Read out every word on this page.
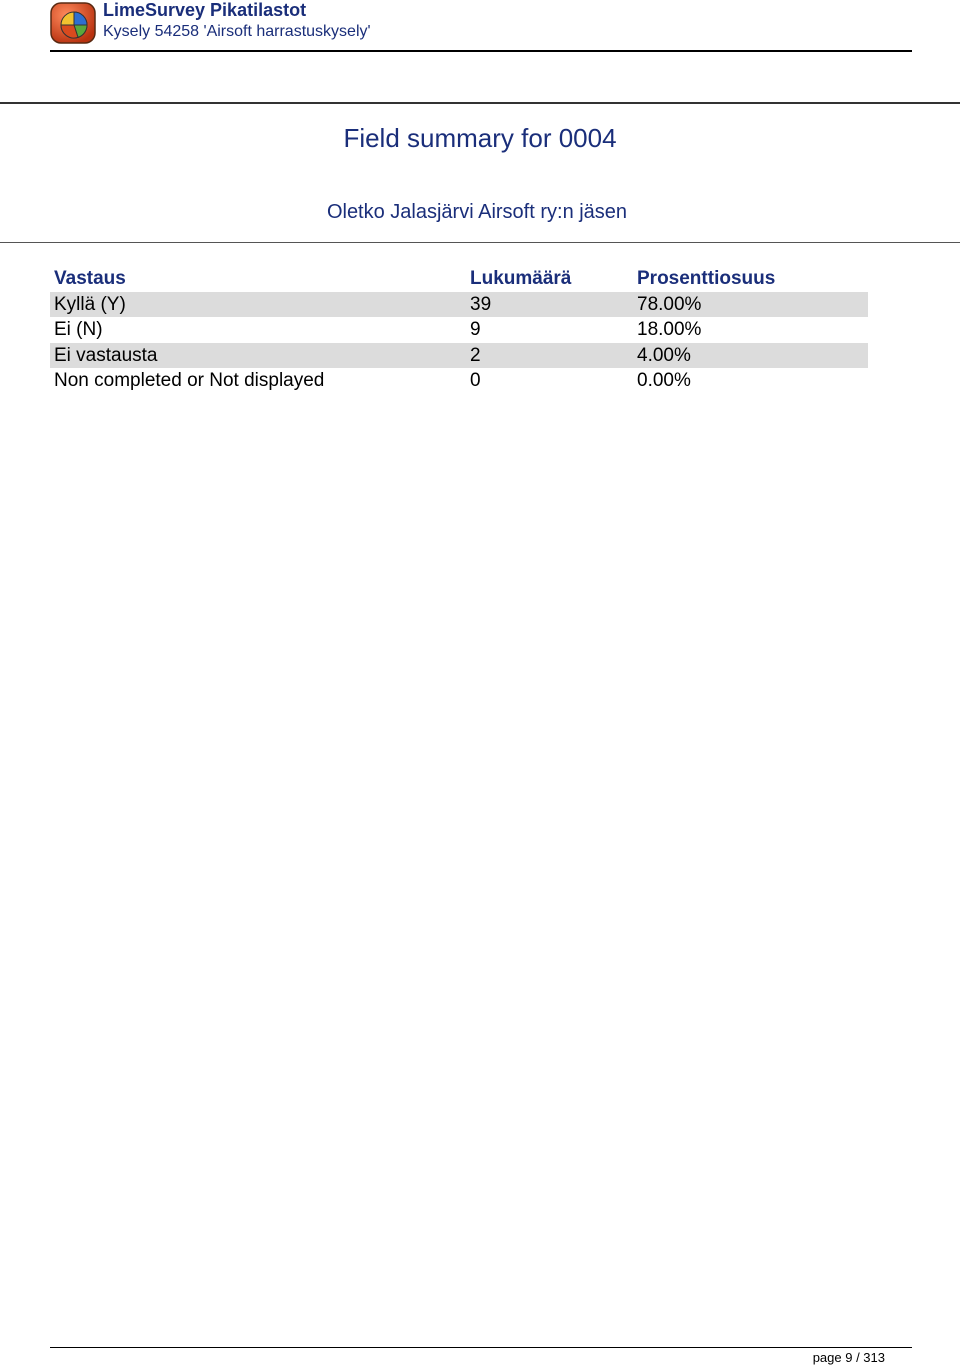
LimeSurvey Pikatilastot
Kysely 54258 'Airsoft harrastuskysely'
Field summary for 0004
Oletko Jalasjärvi Airsoft ry:n jäsen
Vastaus	Lukumäärä	Prosenttiosuus
Kyllä (Y)	39	78.00%
Ei (N)	9	18.00%
Ei vastausta	2	4.00%
Non completed or Not displayed	0	0.00%
page 9 / 313
